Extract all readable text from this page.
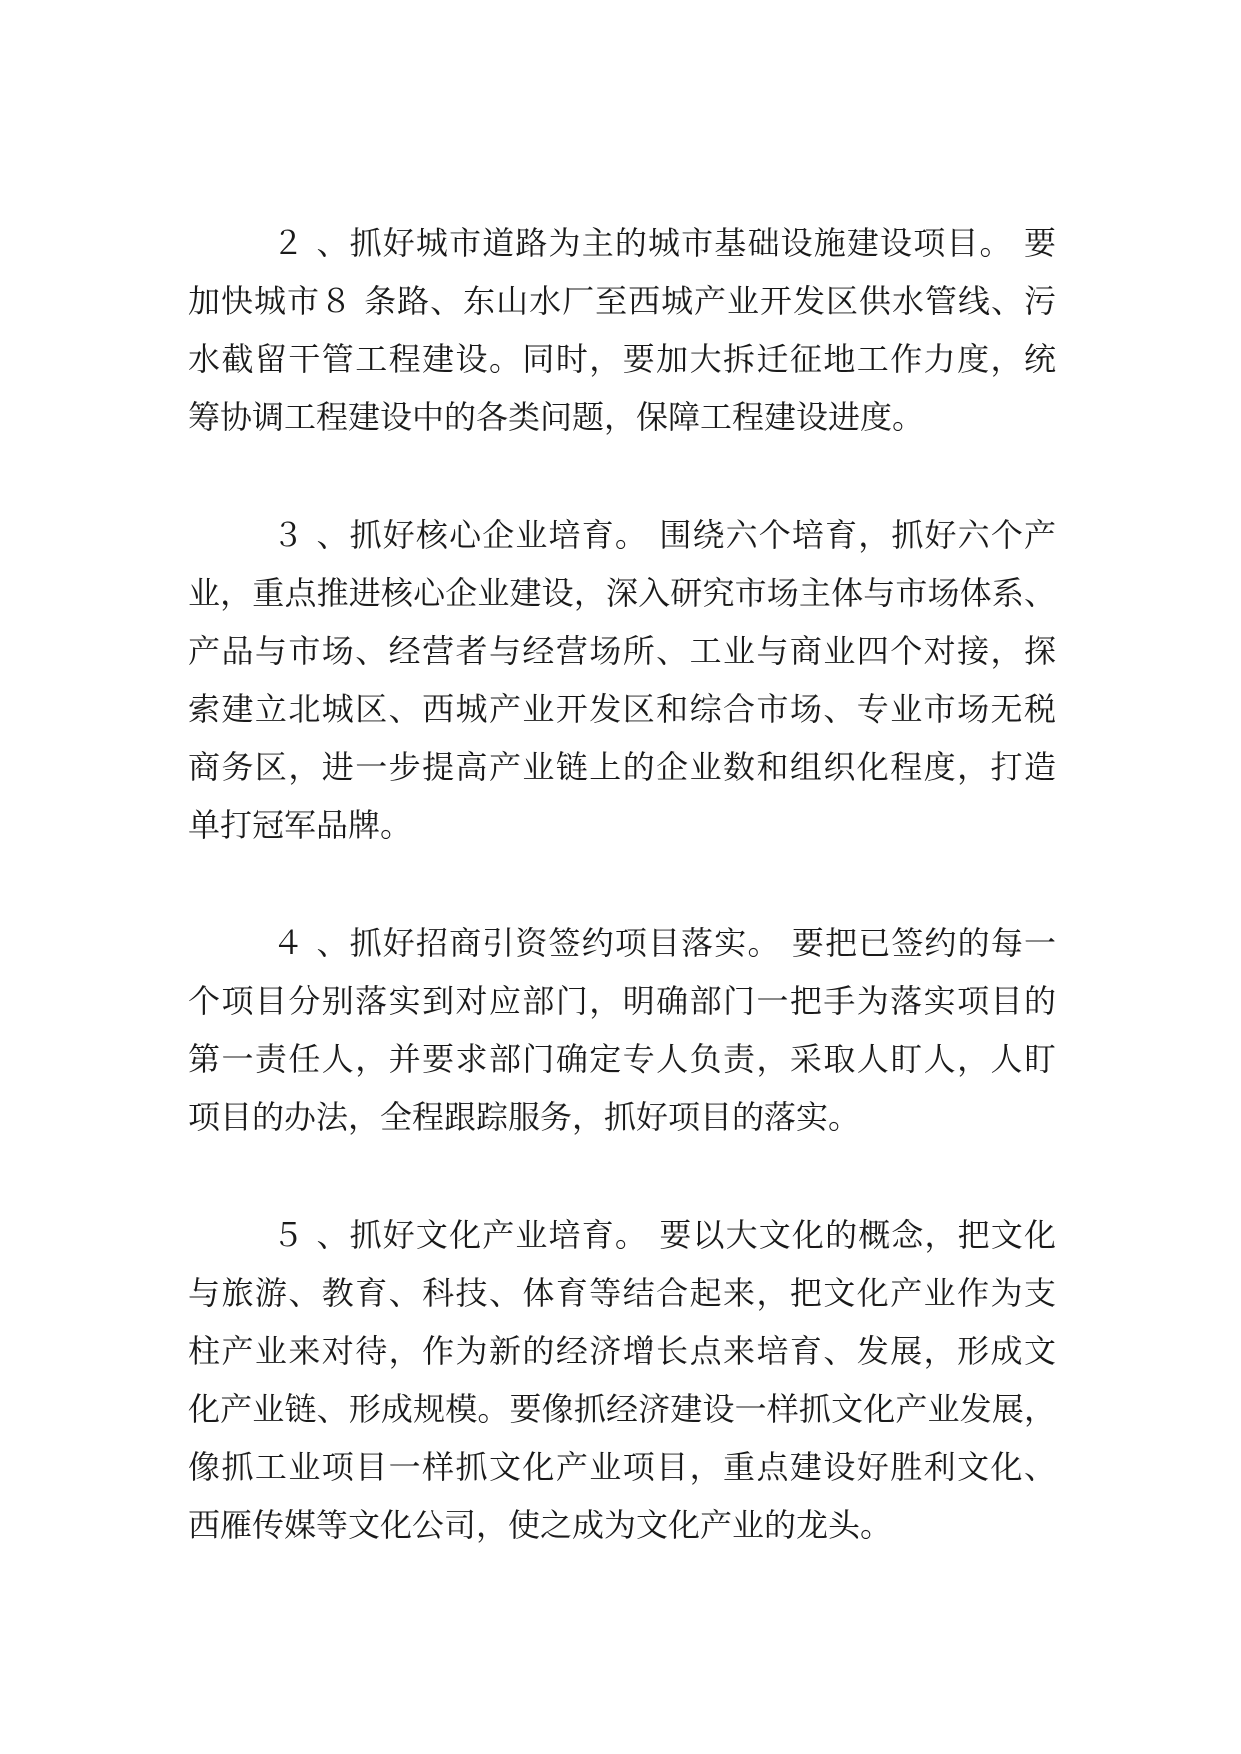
２ 、抓好城市道路为主的城市基础设施建设项目。 要
加快城市８ 条路、东山水厂至西城产业开发区供水管线、污
水截留干管工程建设。同时，要加大拆迁征地工作力度，统
筹协调工程建设中的各类问题，保障工程建设进度。
３ 、抓好核心企业培育。 围绕六个培育，抓好六个产
业，重点推进核心企业建设，深入研究市场主体与市场体系、
产品与市场、经营者与经营场所、工业与商业四个对接，探
索建立北城区、西城产业开发区和综合市场、专业市场无税
商务区，进一步提高产业链上的企业数和组织化程度，打造
单打冠军品牌。
４ 、抓好招商引资签约项目落实。 要把已签约的每一
个项目分别落实到对应部门，明确部门一把手为落实项目的
第一责任人，并要求部门确定专人负责，采取人盯人，人盯
项目的办法，全程跟踪服务，抓好项目的落实。
５ 、抓好文化产业培育。 要以大文化的概念，把文化
与旅游、教育、科技、体育等结合起来，把文化产业作为支
柱产业来对待，作为新的经济增长点来培育、发展，形成文
化产业链、形成规模。要像抓经济建设一样抓文化产业发展，
像抓工业项目一样抓文化产业项目，重点建设好胜利文化、
西雁传媒等文化公司，使之成为文化产业的龙头。
